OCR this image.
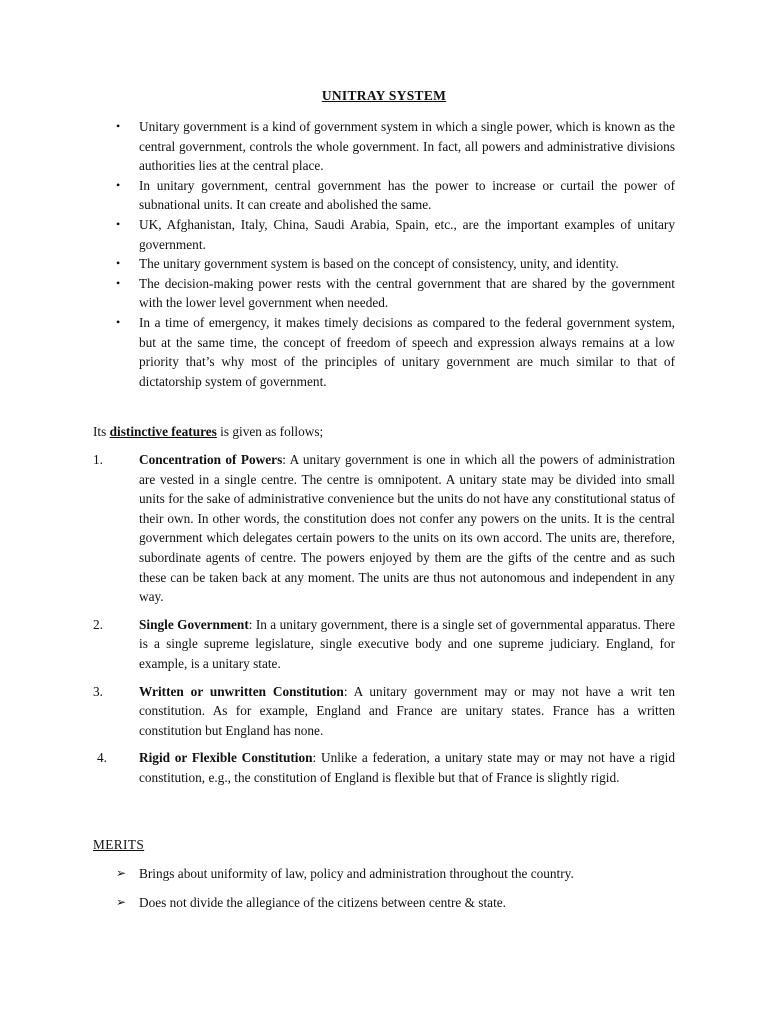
UNITRAY SYSTEM
• Unitary government is a kind of government system in which a single power, which is known as the central government, controls the whole government. In fact, all powers and administrative divisions authorities lies at the central place.
• In unitary government, central government has the power to increase or curtail the power of subnational units. It can create and abolished the same.
• UK, Afghanistan, Italy, China, Saudi Arabia, Spain, etc., are the important examples of unitary government.
• The unitary government system is based on the concept of consistency, unity, and identity.
• The decision-making power rests with the central government that are shared by the government with the lower level government when needed.
• In a time of emergency, it makes timely decisions as compared to the federal government system, but at the same time, the concept of freedom of speech and expression always remains at a low priority that’s why most of the principles of unitary government are much similar to that of dictatorship system of government.

Its distinctive features is given as follows;

1.	Concentration of Powers: A unitary government is one in which all the powers of administration are vested in a single centre. The centre is omnipotent. A unitary state may be divided into small units for the sake of administrative convenience but the units do not have any constitutional status of their own. In other words, the constitution does not confer any powers on the units. It is the central government which delegates certain powers to the units on its own accord. The units are, therefore, subordinate agents of centre. The powers enjoyed by them are the gifts of the centre and as such these can be taken back at any moment. The units are thus not autonomous and independent in any way.
2.	Single Government: In a unitary government, there is a single set of governmental apparatus. There is a single supreme legislature, single executive body and one supreme judiciary. England, for example, is a unitary state.
3.	Written or unwritten Constitution: A unitary government may or may not have a writ ten constitution. As for example, England and France are unitary states. France has a written constitution but England has none.
4. Rigid or Flexible Constitution: Unlike a federation, a unitary state may or may not have a rigid constitution, e.g., the constitution of England is flexible but that of France is slightly rigid.

MERITS

➢ Brings about uniformity of law, policy and administration throughout the country.
➢ Does not divide the allegiance of the citizens between centre & state.
